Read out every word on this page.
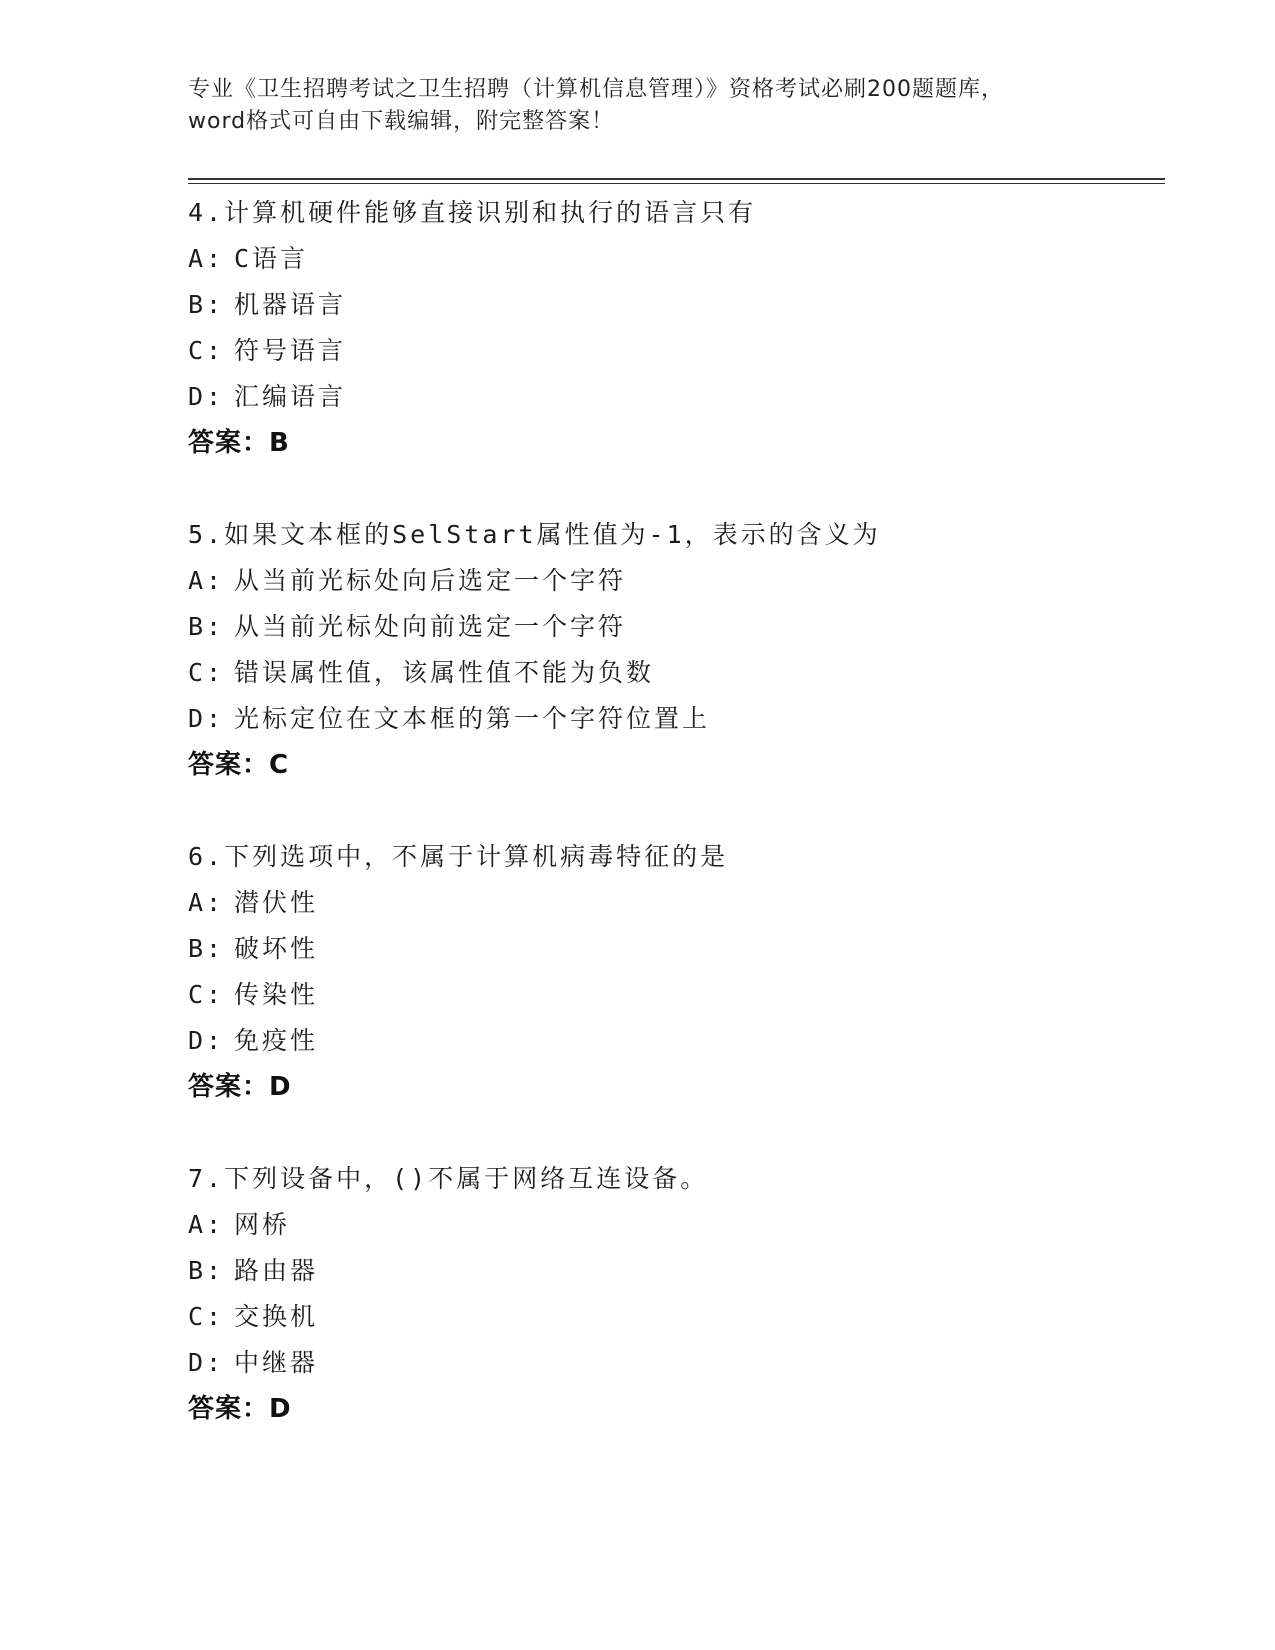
专业《卫生招聘考试之卫生招聘（计算机信息管理）》资格考试必刷200题题库，
word格式可自由下载编辑，附完整答案！
4.计算机硬件能够直接识别和执行的语言只有
A: C语言
B: 机器语言
C: 符号语言
D: 汇编语言
答案：B
5.如果文本框的SelStart属性值为-1，表示的含义为
A: 从当前光标处向后选定一个字符
B: 从当前光标处向前选定一个字符
C: 错误属性值，该属性值不能为负数
D: 光标定位在文本框的第一个字符位置上
答案：C
6.下列选项中，不属于计算机病毒特征的是
A: 潜伏性
B: 破坏性
C: 传染性
D: 免疫性
答案：D
7.下列设备中，()不属于网络互连设备。
A: 网桥
B: 路由器
C: 交换机
D: 中继器
答案：D
